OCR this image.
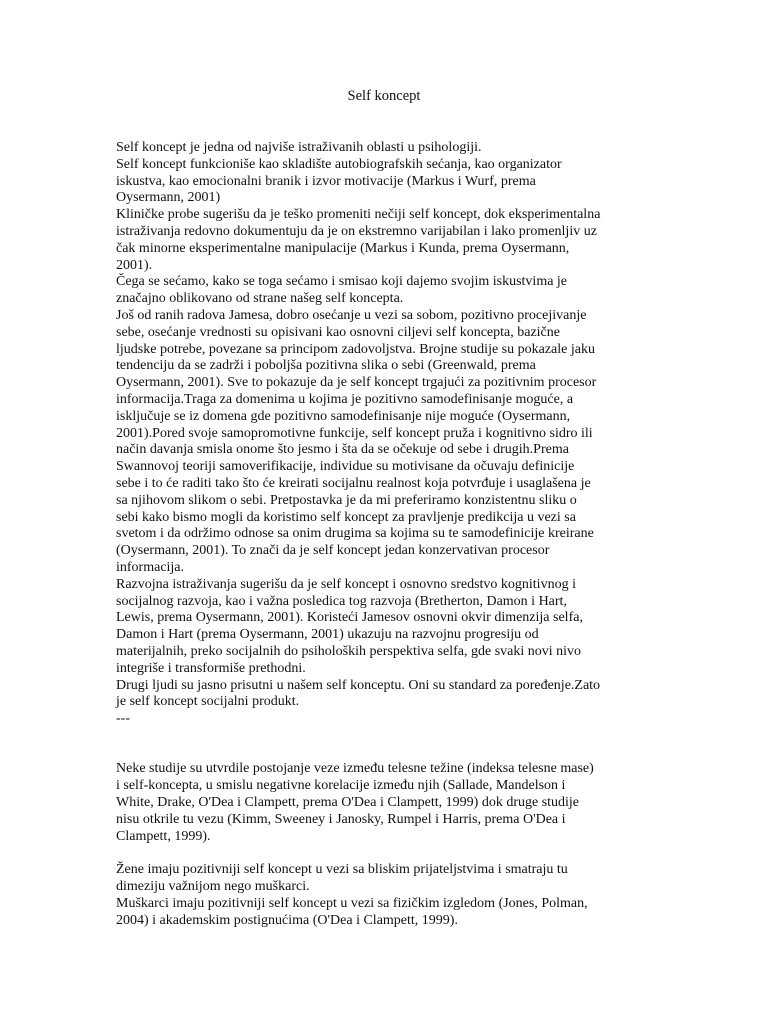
Self koncept
Self koncept je jedna od najviše istraživanih oblasti u psihologiji.
Self koncept funkcioniše kao skladište autobiografskih sećanja, kao organizator
iskustva, kao emocionalni branik i izvor motivacije (Markus i Wurf, prema
Oysermann, 2001)
Kliničke probe sugerišu da je teško promeniti nečiji self koncept, dok eksperimentalna
istraživanja redovno dokumentuju da je on ekstremno varijabilan i lako promenljiv uz
čak minorne eksperimentalne manipulacije (Markus i Kunda, prema Oysermann,
2001).
Čega se sećamo, kako se toga sećamo i smisao koji dajemo svojim iskustvima je
značajno oblikovano od strane našeg self koncepta.
Još od ranih radova Jamesa, dobro osećanje u vezi sa sobom, pozitivno procejivanje
sebe, osećanje vrednosti su opisivani kao osnovni ciljevi self koncepta, bazične
ljudske potrebe, povezane sa principom zadovoljstva. Brojne studije su pokazale jaku
tendenciju da se zadrži i poboljša pozitivna slika o sebi (Greenwald, prema
Oysermann, 2001). Sve to pokazuje da je self koncept trgajući za pozitivnim procesor
informacija.Traga za domenima u kojima je pozitivno samodefinisanje moguće, a
isključuje se iz domena gde pozitivno samodefinisanje nije moguće (Oysermann,
2001).Pored svoje samopromotivne funkcije, self koncept pruža i kognitivno sidro ili
način davanja smisla onome što jesmo i šta da se očekuje od sebe i drugih.Prema
Swannovoj teoriji samoverifikacije, individue su motivisane da očuvaju definicije
sebe i to će raditi tako što će kreirati socijalnu realnost koja potvrđuje i usaglašena je
sa njihovom slikom o sebi. Pretpostavka je da mi preferiramo konzistentnu sliku o
sebi kako bismo mogli da koristimo self koncept za pravljenje predikcija u vezi sa
svetom i da održimo odnose sa onim drugima sa kojima su te samodefinicije kreirane
(Oysermann, 2001). To znači da je self koncept jedan konzervativan procesor
informacija.
Razvojna istraživanja sugerišu da je self koncept i osnovno sredstvo kognitivnog i
socijalnog razvoja, kao i važna posledica tog razvoja (Bretherton, Damon i Hart,
Lewis, prema Oysermann, 2001). Koristeći Jamesov osnovni okvir dimenzija selfa,
Damon i Hart (prema Oysermann, 2001) ukazuju na razvojnu progresiju od
materijalnih, preko socijalnih do psiholoških perspektiva selfa, gde svaki novi nivo
integriše i transformiše prethodni.
Drugi ljudi su jasno prisutni u našem self konceptu. Oni su standard za poređenje.Zato
je self koncept socijalni produkt.
---
Neke studije su utvrdile postojanje veze između telesne težine (indeksa telesne mase)
i self-koncepta, u smislu negativne korelacije između njih (Sallade, Mandelson i
White, Drake, O'Dea i Clampett, prema O'Dea i Clampett, 1999) dok druge studije
nisu otkrile tu vezu (Kimm, Sweeney i Janosky, Rumpel i Harris, prema O'Dea i
Clampett, 1999).
Žene imaju pozitivniji self koncept u vezi sa bliskim prijateljstvima i smatraju tu
dimeziju važnijom nego muškarci.
Muškarci imaju pozitivniji self koncept u vezi sa fizičkim izgledom (Jones, Polman,
2004) i akademskim postignućima (O'Dea i Clampett, 1999).
